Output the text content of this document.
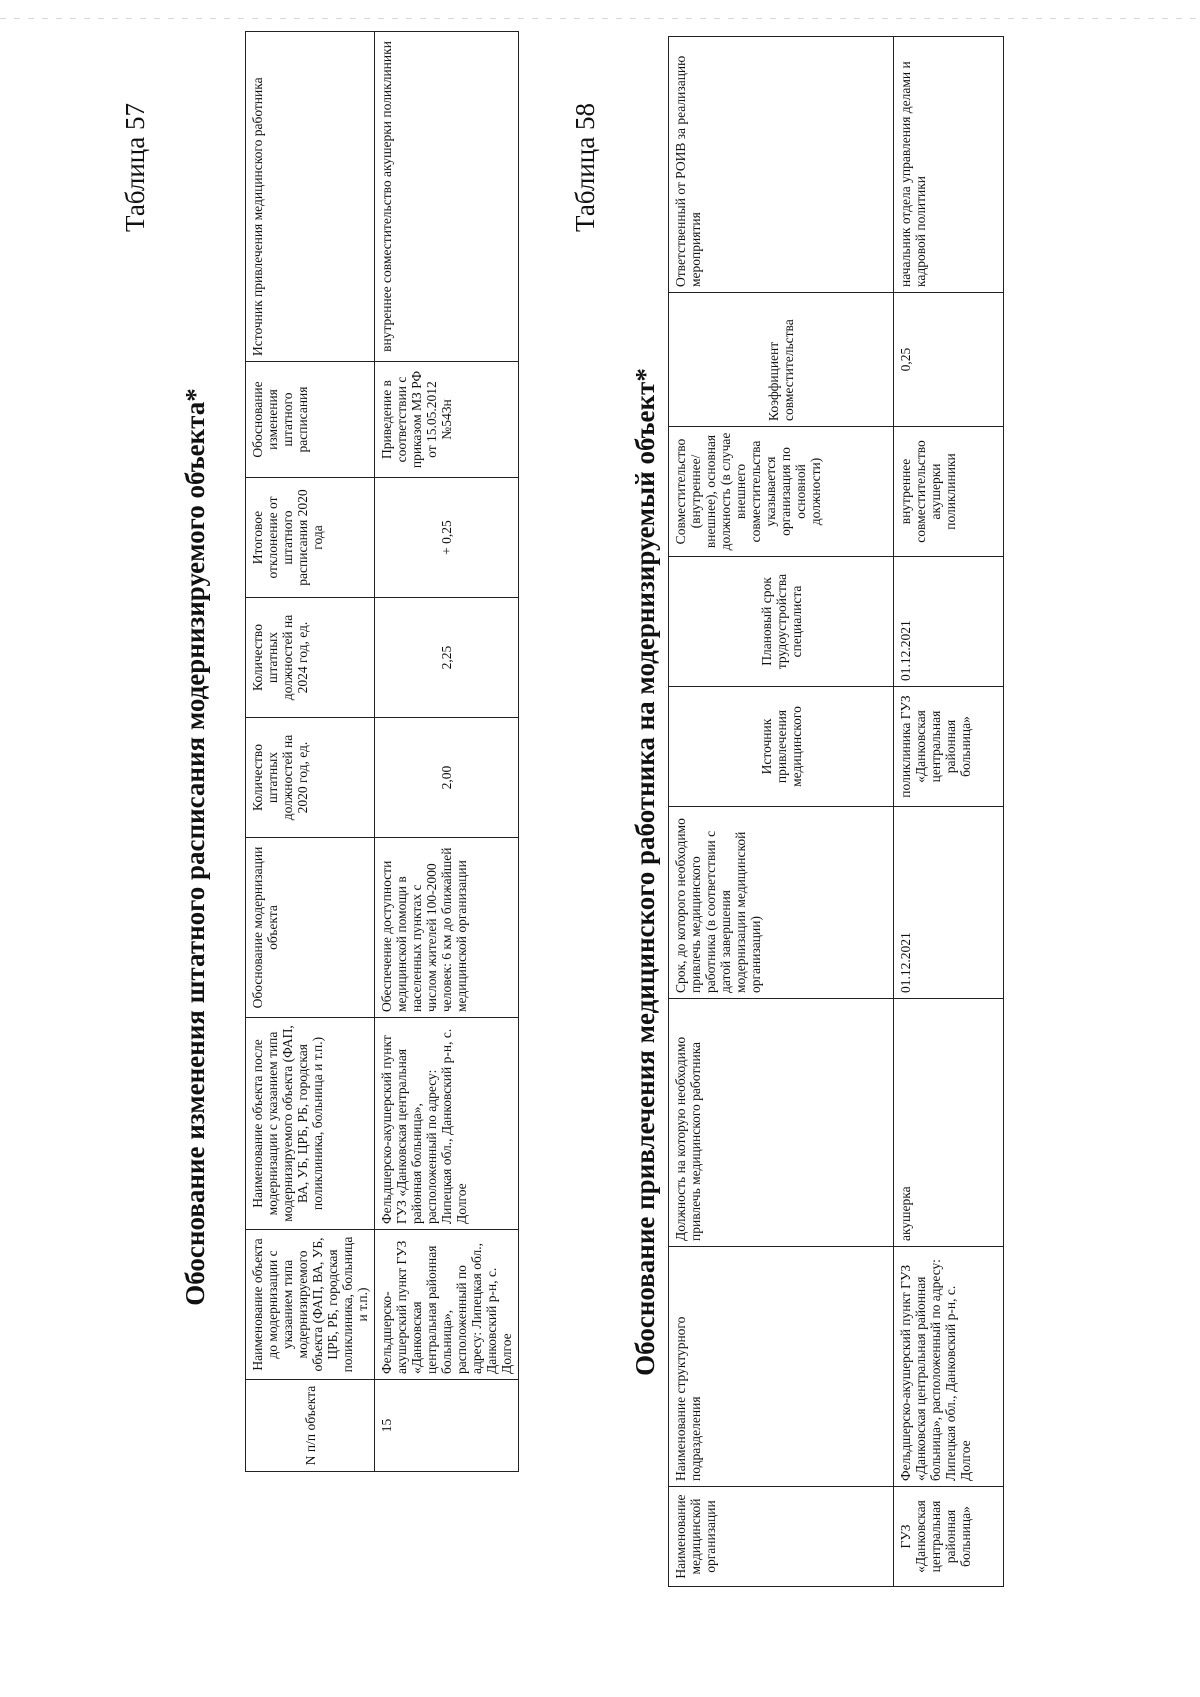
Таблица 57
Обоснование изменения штатного расписания модернизируемого объекта*
N п/п объекта	Наименование объекта до модернизации с указанием типа модернизируемого объекта (ФАП, ВА, УБ, ЦРБ, РБ, городская поликлиника, больница и т.п.)	Наименование объекта после модернизации с указанием типа модернизируемого объекта (ФАП, ВА, УБ, ЦРБ, РБ, городская поликлиника, больница и т.п.)	Обоснование модернизации объекта	Количество штатных должностей на 2020 год, ед.	Количество штатных должностей на 2024 год, ед.	Итоговое отклонение от штатного расписания 2020 года	Обоснование изменения штатного расписания	Источник привлечения медицинского работника
15	Фельдшерско-акушерский пункт ГУЗ «Данковская центральная районная больница», расположенный по адресу: Липецкая обл., Данковский р-н, с. Долгое	Фельдшерско-акушерский пункт ГУЗ «Данковская центральная районная больница», расположенный по адресу: Липецкая обл., Данковский р-н, с. Долгое	Обеспечение доступности медицинской помощи в населенных пунктах с числом жителей 100-2000 человек: 6 км до ближайшей медицинской организации	2,00	2,25	+ 0,25	Приведение в соответствии с приказом МЗ РФ от 15.05.2012 №543н	внутреннее совместительство акушерки поликлиники	Таблица 58
Обоснование привлечения медицинского работника на модернизируемый объект*
Наименование медицинской организации	Наименование структурного подразделения	Должность на которую необходимо привлечь медицинского работника	Срок, до которого необходимо привлечь медицинского работника (в соответствии с датой завершения модернизации медицинской организации)	Источник привлечения медицинского	Плановый срок трудоустройства специалиста	Совместительство (внутреннее/внешнее), основная должность (в случае внешнего совместительства указывается организация по основной должности)	Коэффициент совместительства	Ответственный от РОИВ за реализацию мероприятия
ГУЗ «Данковская центральная районная больница»	Фельдшерско-акушерский пункт ГУЗ «Данковская центральная районная больница», расположенный по адресу: Липецкая обл., Данковский р-н, с. Долгое	акушерка	01.12.2021	поликлиника ГУЗ «Данковская центральная районная больница»	01.12.2021	внутреннее совместительство акушерки поликлиники	0,25	начальник отдела управления делами и кадровой политики
